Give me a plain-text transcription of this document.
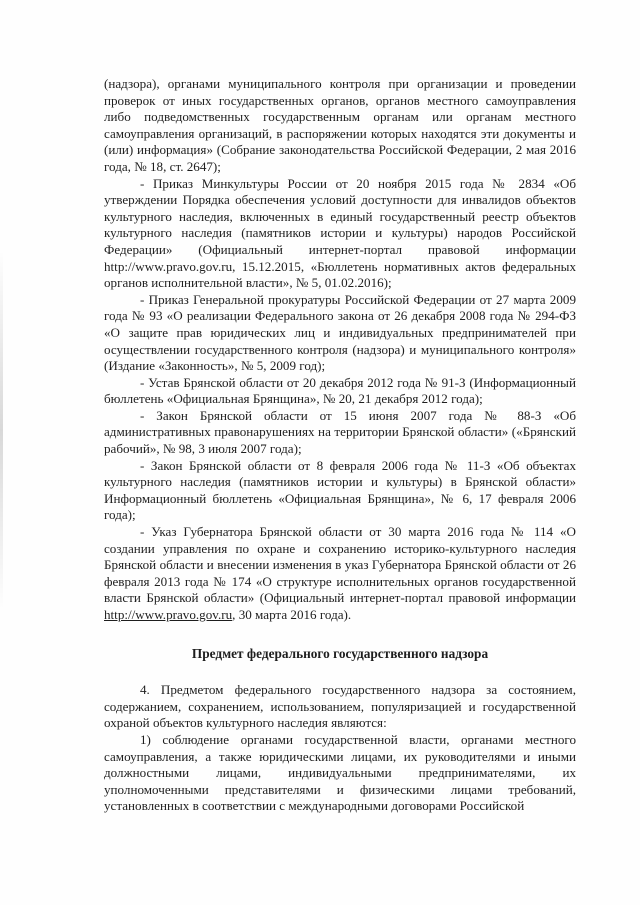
(надзора), органами муниципального контроля при организации и проведении проверок от иных государственных органов, органов местного самоуправления либо подведомственных государственным органам или органам местного самоуправления организаций, в распоряжении которых находятся эти документы и (или) информация» (Собрание законодательства Российской Федерации, 2 мая 2016 года, № 18, ст. 2647);

- Приказ Минкультуры России от 20 ноября 2015 года № 2834 «Об утверждении Порядка обеспечения условий доступности для инвалидов объектов культурного наследия, включенных в единый государственный реестр объектов культурного наследия (памятников истории и культуры) народов Российской Федерации» (Официальный интернет-портал правовой информации http://www.pravo.gov.ru, 15.12.2015, «Бюллетень нормативных актов федеральных органов исполнительной власти», № 5, 01.02.2016);

- Приказ Генеральной прокуратуры Российской Федерации от 27 марта 2009 года № 93 «О реализации Федерального закона от 26 декабря 2008 года № 294-ФЗ «О защите прав юридических лиц и индивидуальных предпринимателей при осуществлении государственного контроля (надзора) и муниципального контроля» (Издание «Законность», № 5, 2009 год);

- Устав Брянской области от 20 декабря 2012 года № 91-З (Информационный бюллетень «Официальная Брянщина», № 20, 21 декабря 2012 года);

- Закон Брянской области от 15 июня 2007 года № 88-З «Об административных правонарушениях на территории Брянской области» («Брянский рабочий», № 98, 3 июля 2007 года);

- Закон Брянской области от 8 февраля 2006 года № 11-З «Об объектах культурного наследия (памятников истории и культуры) в Брянской области» Информационный бюллетень «Официальная Брянщина», № 6, 17 февраля 2006 года);

- Указ Губернатора Брянской области от 30 марта 2016 года № 114 «О создании управления по охране и сохранению историко-культурного наследия Брянской области и внесении изменения в указ Губернатора Брянской области от 26 февраля 2013 года № 174 «О структуре исполнительных органов государственной власти Брянской области» (Официальный интернет-портал правовой информации http://www.pravo.gov.ru, 30 марта 2016 года).

Предмет федерального государственного надзора

4. Предметом федерального государственного надзора за состоянием, содержанием, сохранением, использованием, популяризацией и государственной охраной объектов культурного наследия являются:

1) соблюдение органами государственной власти, органами местного самоуправления, а также юридическими лицами, их руководителями и иными должностными лицами, индивидуальными предпринимателями, их уполномоченными представителями и физическими лицами требований, установленных в соответствии с международными договорами Российской
